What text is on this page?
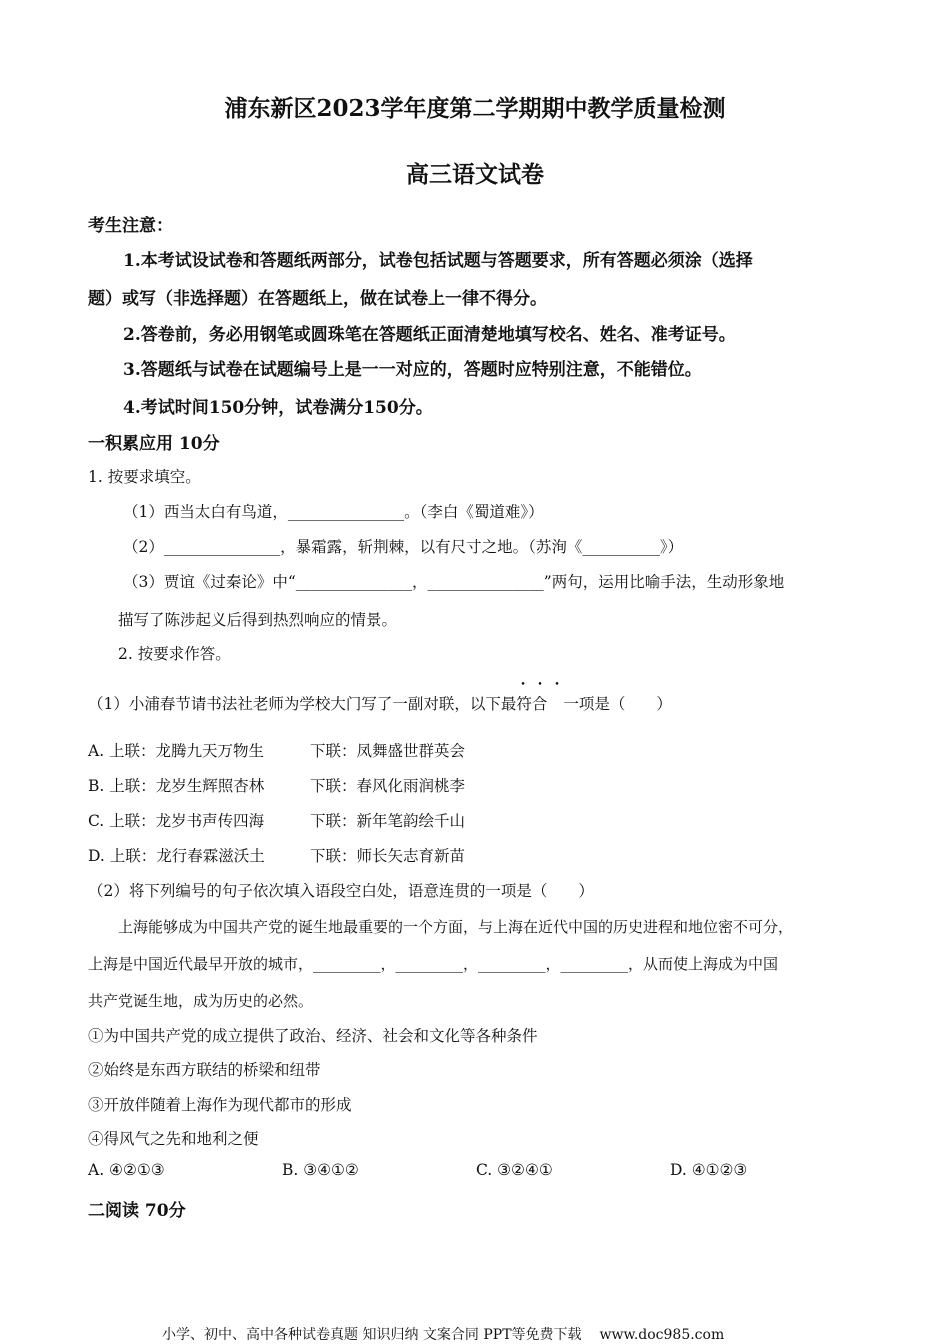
浦东新区2023学年度第二学期期中教学质量检测
高三语文试卷
考生注意：
1.本考试设试卷和答题纸两部分，试卷包括试题与答题要求，所有答题必须涂（选择
题）或写（非选择题）在答题纸上，做在试卷上一律不得分。
2.答卷前，务必用钢笔或圆珠笔在答题纸正面清楚地填写校名、姓名、准考证号。
3.答题纸与试卷在试题编号上是一一对应的，答题时应特别注意，不能错位。
4.考试时间150分钟，试卷满分150分。
一积累应用 10分
1. 按要求填空。
（1）西当太白有鸟道，_______________。（李白《蜀道难》）
（2）_______________，暴霜露，斩荆棘，以有尺寸之地。（苏洵《__________》）
（3）贾谊《过秦论》中“_______________，_______________”两句，运用比喻手法，生动形象地
描写了陈涉起义后得到热烈响应的情景。
2. 按要求作答。
（1）小浦春节请书法社老师为学校大门写了一副对联，以下最•  •  • 符合 一项是（　　）
A. 上联：龙腾九天万物生	下联：凤舞盛世群英会
B. 上联：龙岁生辉照杏林	下联：春风化雨润桃李
C. 上联：龙岁书声传四海	下联：新年笔韵绘千山
D. 上联：龙行春霖滋沃土	下联：师长矢志育新苗
（2）将下列编号的句子依次填入语段空白处，语意连贯的一项是（　　）
上海能够成为中国共产党的诞生地最重要的一个方面，与上海在近代中国的历史进程和地位密不可分，
上海是中国近代最早开放的城市，_________，_________，_________，_________，从而使上海成为中国
共产党诞生地，成为历史的必然。
①为中国共产党的成立提供了政治、经济、社会和文化等各种条件
②始终是东西方联结的桥梁和纽带
③开放伴随着上海作为现代都市的形成
④得风气之先和地利之便
A. ④②①③	B. ③④①②	C. ③②④①	D. ④①②③
二阅读 70分
小学、初中、高中各种试卷真题 知识归纳 文案合同 PPT等免费下载 www.doc985.com
